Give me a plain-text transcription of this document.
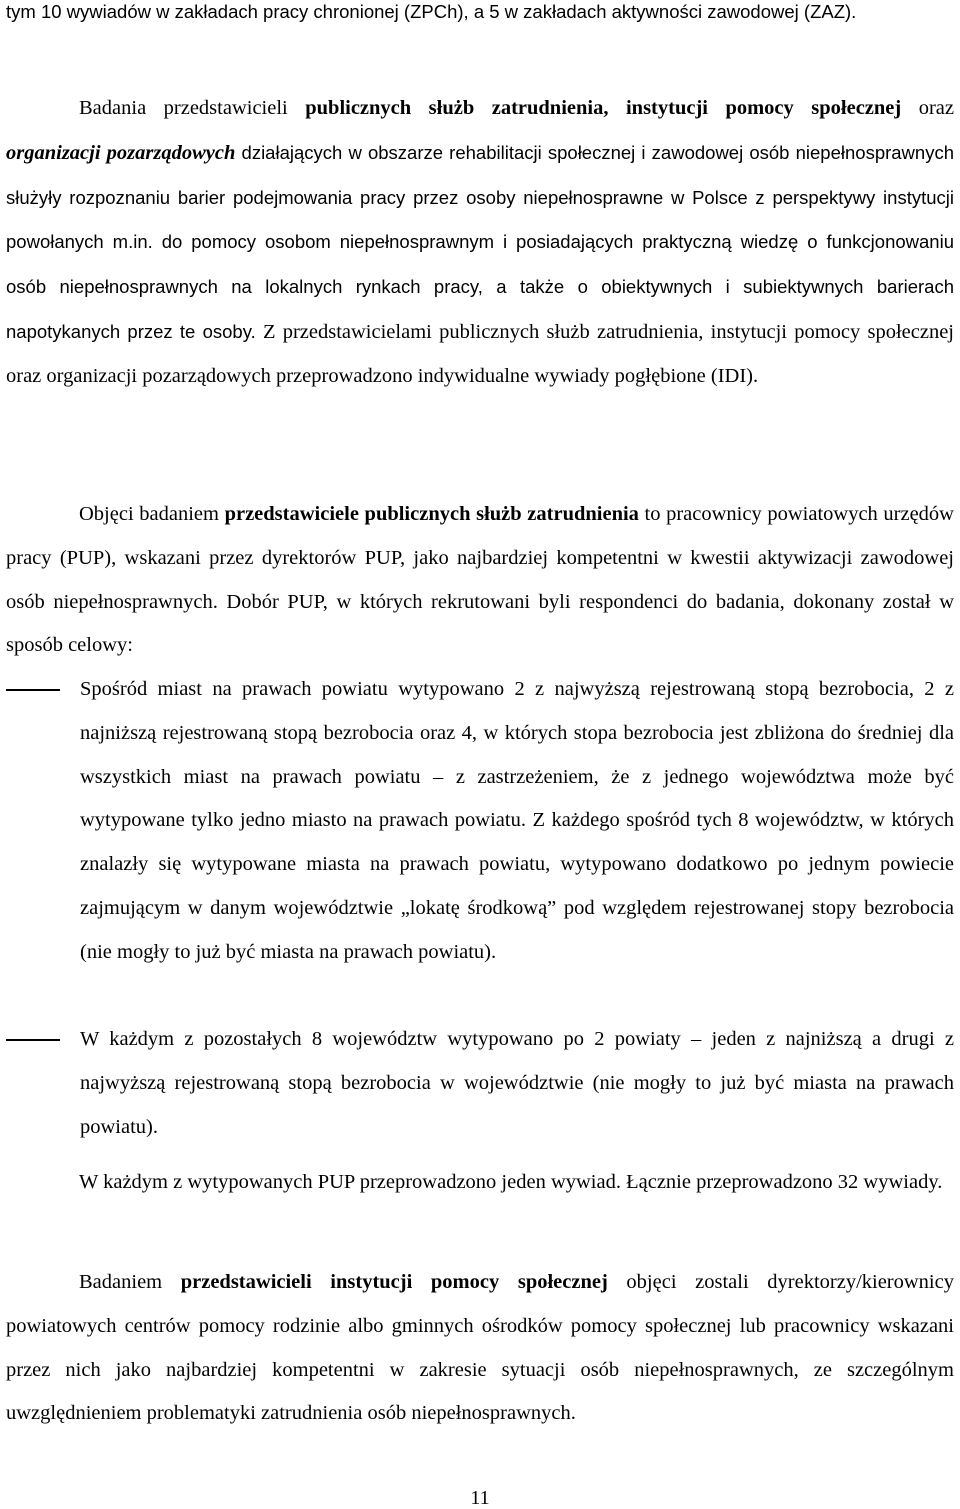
tym 10 wywiadów w zakładach pracy chronionej (ZPCh), a 5 w zakładach aktywności zawodowej (ZAZ).

Badania przedstawicieli publicznych służb zatrudnienia, instytucji pomocy społecznej oraz organizacji pozarządowych działających w obszarze rehabilitacji społecznej i zawodowej osób niepełnosprawnych służyły rozpoznaniu barier podejmowania pracy przez osoby niepełnosprawne w Polsce z perspektywy instytucji powołanych m.in. do pomocy osobom niepełnosprawnym i posiadających praktyczną wiedzę o funkcjonowaniu osób niepełnosprawnych na lokalnych rynkach pracy, a także o obiektywnych i subiektywnych barierach napotykanych przez te osoby. Z przedstawicielami publicznych służb zatrudnienia, instytucji pomocy społecznej oraz organizacji pozarządowych przeprowadzono indywidualne wywiady pogłębione (IDI).

Objęci badaniem przedstawiciele publicznych służb zatrudnienia to pracownicy powiatowych urzędów pracy (PUP), wskazani przez dyrektorów PUP, jako najbardziej kompetentni w kwestii aktywizacji zawodowej osób niepełnosprawnych. Dobór PUP, w których rekrutowani byli respondenci do badania, dokonany został w sposób celowy:

Spośród miast na prawach powiatu wytypowano 2 z najwyższą rejestrowaną stopą bezrobocia, 2 z najniższą rejestrowaną stopą bezrobocia oraz 4, w których stopa bezrobocia jest zbliżona do średniej dla wszystkich miast na prawach powiatu – z zastrzeżeniem, że z jednego województwa może być wytypowane tylko jedno miasto na prawach powiatu. Z każdego spośród tych 8 województw, w których znalazły się wytypowane miasta na prawach powiatu, wytypowano dodatkowo po jednym powiecie zajmującym w danym województwie „lokatę środkową” pod względem rejestrowanej stopy bezrobocia (nie mogły to już być miasta na prawach powiatu).
W każdym z pozostałych 8 województw wytypowano po 2 powiaty – jeden z najniższą a drugi z najwyższą rejestrowaną stopą bezrobocia w województwie (nie mogły to już być miasta na prawach powiatu).

W każdym z wytypowanych PUP przeprowadzono jeden wywiad. Łącznie przeprowadzono 32 wywiady.

Badaniem przedstawicieli instytucji pomocy społecznej objęci zostali dyrektorzy/kierownicy powiatowych centrów pomocy rodzinie albo gminnych ośrodków pomocy społecznej lub pracownicy wskazani przez nich jako najbardziej kompetentni w zakresie sytuacji osób niepełnosprawnych, ze szczególnym uwzględnieniem problematyki zatrudnienia osób niepełnosprawnych.

11
